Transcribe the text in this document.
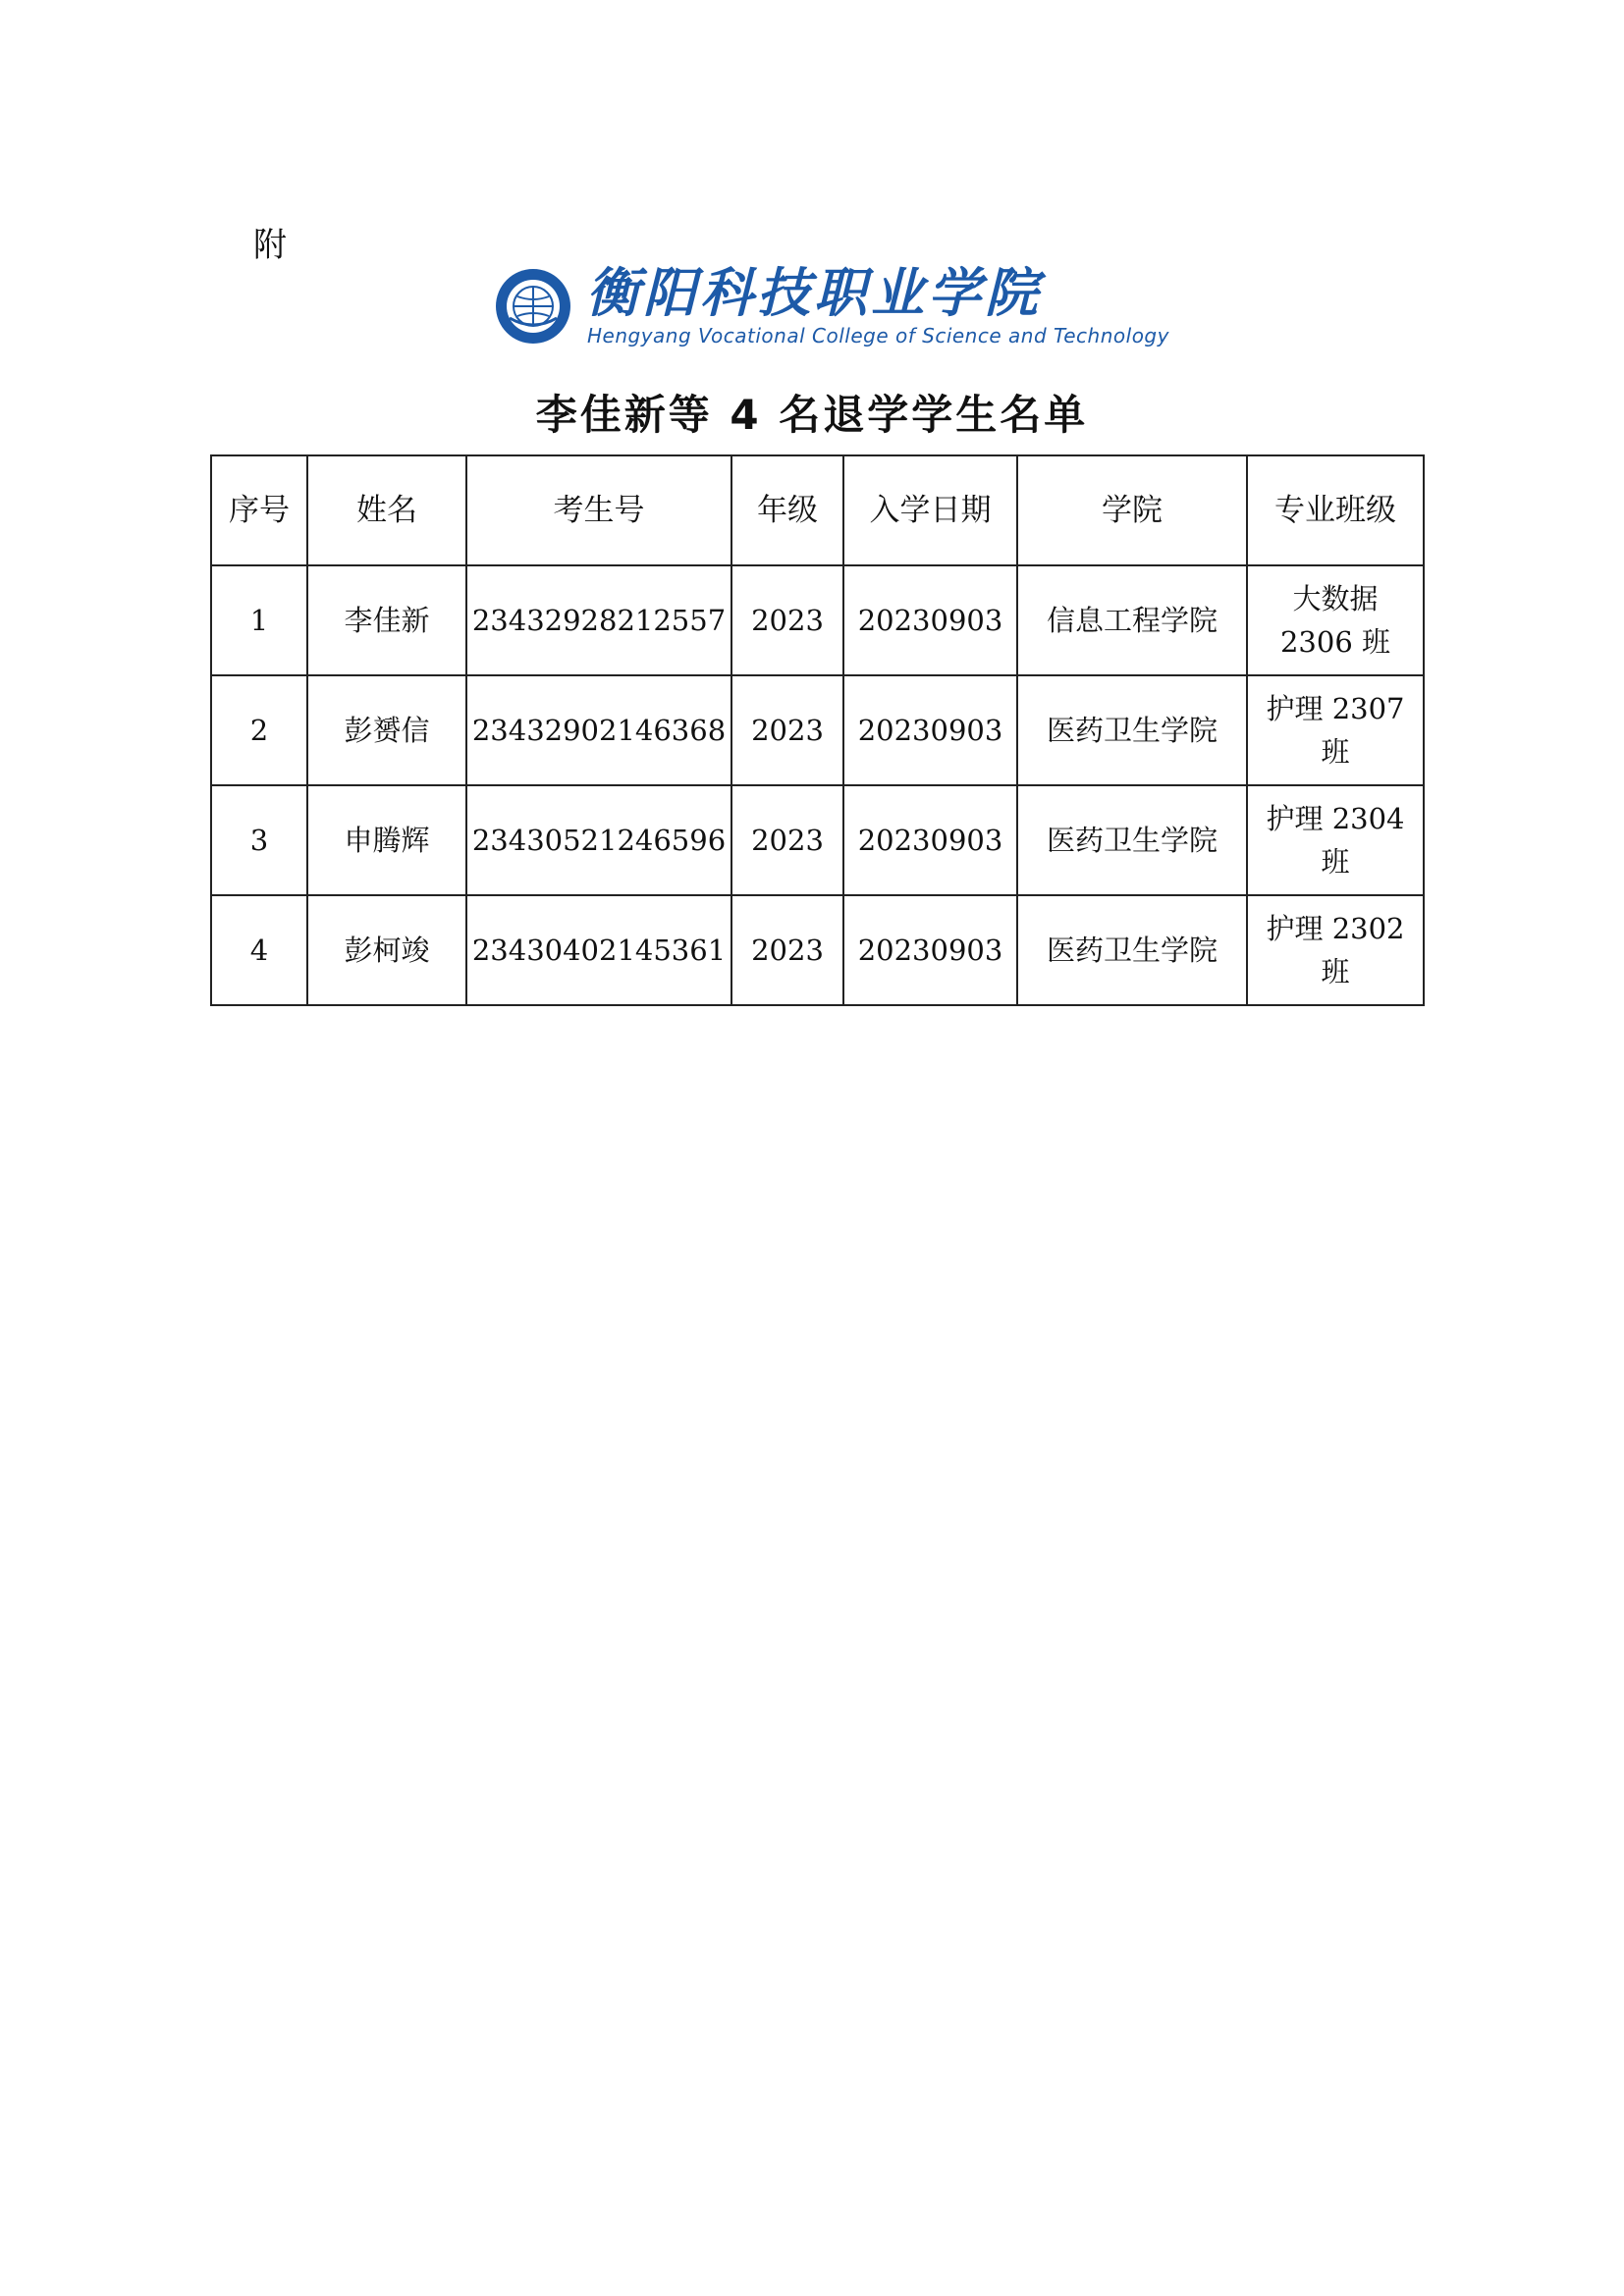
附
衡阳科技职业学院
Hengyang Vocational College of Science and Technology
李佳新等 4 名退学学生名单
序号	姓名	考生号	年级	入学日期	学院	专业班级
1	李佳新	23432928212557	2023	20230903	信息工程学院	大数据 2306 班
2	彭赟信	23432902146368	2023	20230903	医药卫生学院	护理 2307 班
3	申腾辉	23430521246596	2023	20230903	医药卫生学院	护理 2304 班
4	彭柯竣	23430402145361	2023	20230903	医药卫生学院	护理 2302 班
